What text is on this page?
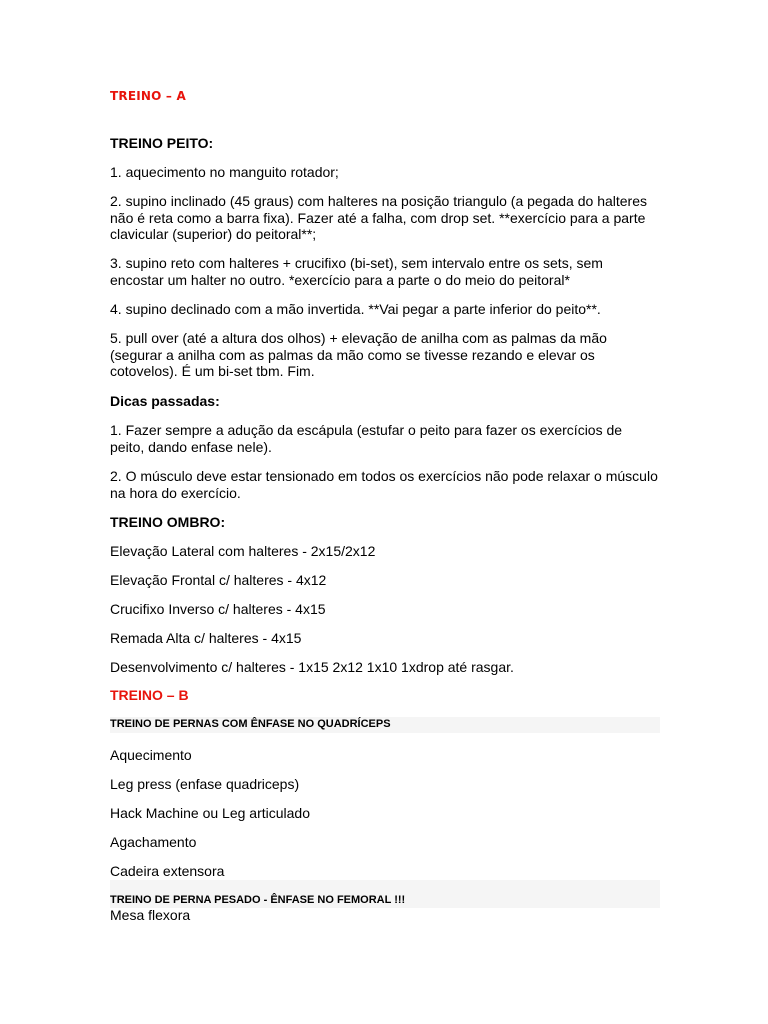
TREINO – A
TREINO PEITO:
1. aquecimento no manguito rotador;
2. supino inclinado (45 graus) com halteres na posição triangulo (a pegada do halteres não é reta como a barra fixa). Fazer até a falha, com drop set. **exercício para a parte clavicular (superior) do peitoral**;
3. supino reto com halteres + crucifixo (bi-set), sem intervalo entre os sets, sem encostar um halter no outro. *exercício para a parte o do meio do peitoral*
4. supino declinado com a mão invertida. **Vai pegar a parte inferior do peito**.
5. pull over (até a altura dos olhos) + elevação de anilha com as palmas da mão (segurar a anilha com as palmas da mão como se tivesse rezando e elevar os cotovelos). É um bi-set tbm. Fim.
Dicas passadas:
1. Fazer sempre a adução da escápula (estufar o peito para fazer os exercícios de peito, dando enfase nele).
2. O músculo deve estar tensionado em todos os exercícios não pode relaxar o músculo na hora do exercício.
TREINO OMBRO:
Elevação Lateral com halteres - 2x15/2x12
Elevação Frontal c/ halteres - 4x12
Crucifixo Inverso c/ halteres - 4x15
Remada Alta c/ halteres - 4x15
Desenvolvimento c/ halteres - 1x15 2x12 1x10 1xdrop até rasgar.
TREINO – B
TREINO DE PERNAS COM ÊNFASE NO QUADRÍCEPS
Aquecimento
Leg press (enfase quadriceps)
Hack Machine ou Leg articulado
Agachamento
Cadeira extensora
TREINO DE PERNA PESADO - ÊNFASE NO FEMORAL !!!
Mesa flexora
